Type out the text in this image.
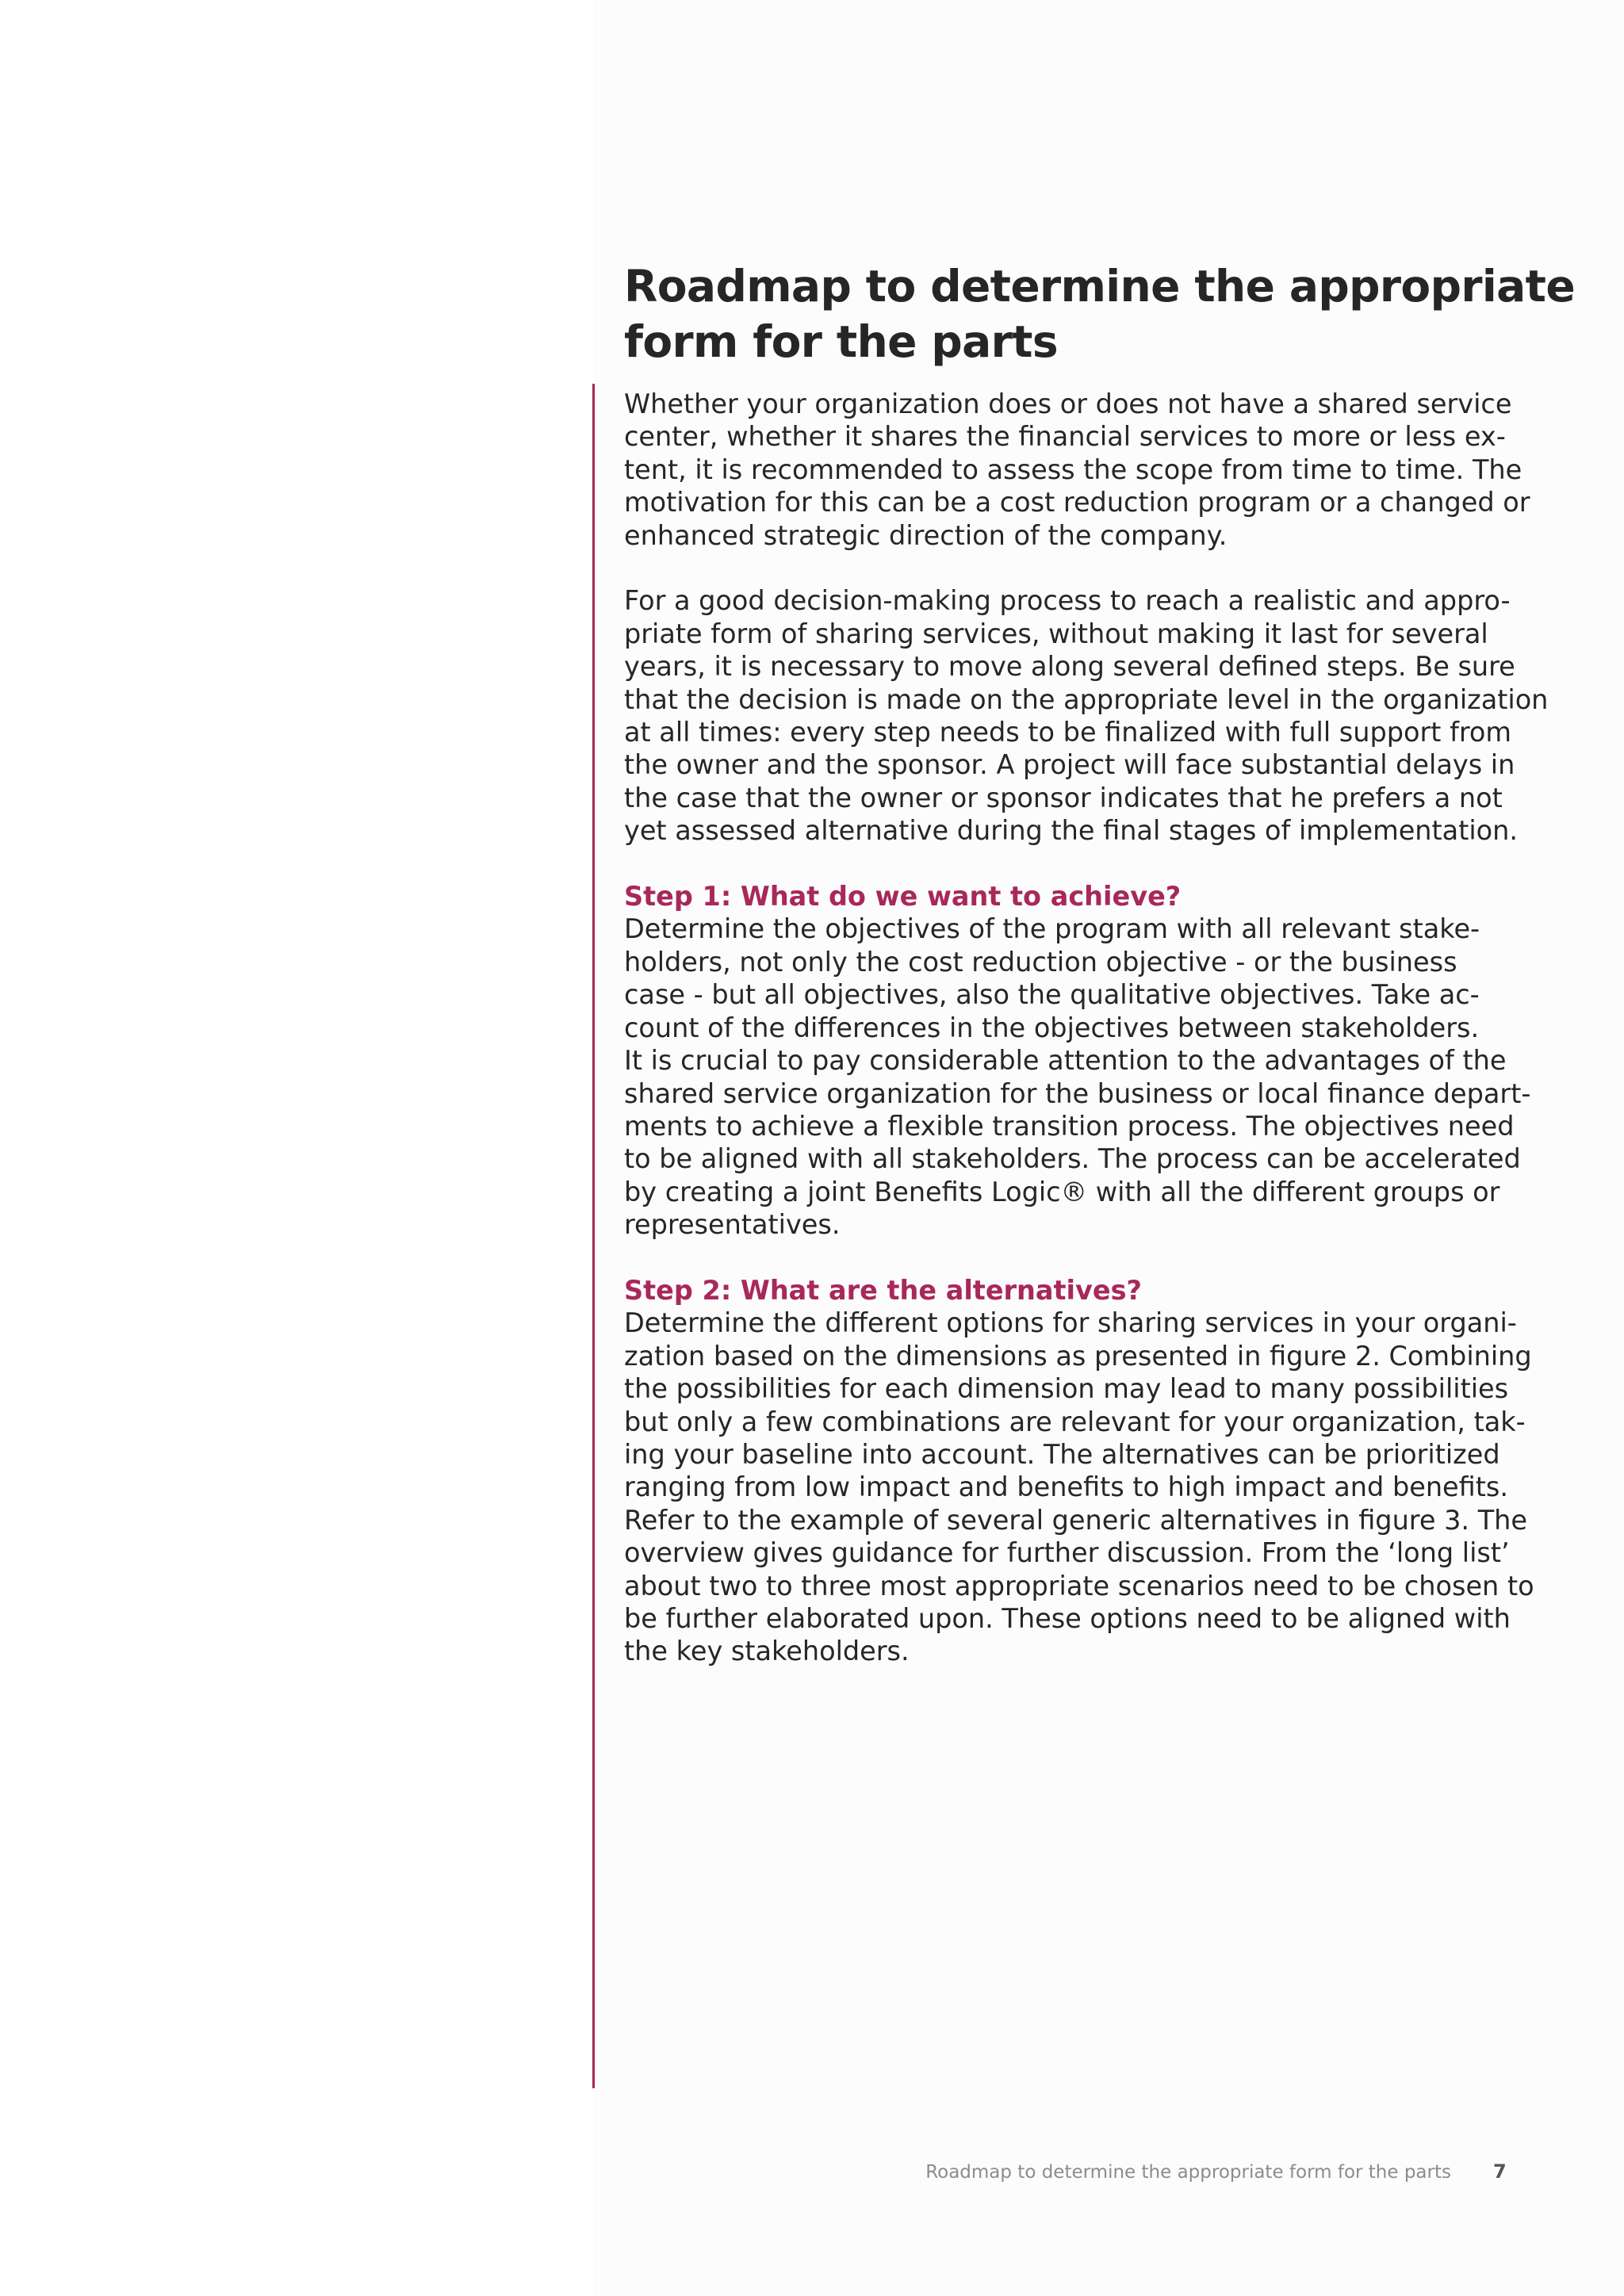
Roadmap to determine the appropriate
form for the parts

Whether your organization does or does not have a shared service
center, whether it shares the financial services to more or less ex-
tent, it is recommended to assess the scope from time to time. The
motivation for this can be a cost reduction program or a changed or
enhanced strategic direction of the company.

For a good decision-making process to reach a realistic and appro-
priate form of sharing services, without making it last for several
years, it is necessary to move along several defined steps. Be sure
that the decision is made on the appropriate level in the organization
at all times: every step needs to be finalized with full support from
the owner and the sponsor. A project will face substantial delays in
the case that the owner or sponsor indicates that he prefers a not
yet assessed alternative during the final stages of implementation.

Step 1: What do we want to achieve?
Determine the objectives of the program with all relevant stake-
holders, not only the cost reduction objective - or the business
case - but all objectives, also the qualitative objectives. Take ac-
count of the differences in the objectives between stakeholders.
It is crucial to pay considerable attention to the advantages of the
shared service organization for the business or local finance depart-
ments to achieve a flexible transition process. The objectives need
to be aligned with all stakeholders. The process can be accelerated
by creating a joint Benefits Logic® with all the different groups or
representatives.
Step 2: What are the alternatives?
Determine the different options for sharing services in your organi-
zation based on the dimensions as presented in figure 2. Combining
the possibilities for each dimension may lead to many possibilities
but only a few combinations are relevant for your organization, tak-
ing your baseline into account. The alternatives can be prioritized
ranging from low impact and benefits to high impact and benefits.
Refer to the example of several generic alternatives in figure 3. The
overview gives guidance for further discussion. From the ‘long list’
about two to three most appropriate scenarios need to be chosen to
be further elaborated upon. These options need to be aligned with
the key stakeholders.
Roadmap to determine the appropriate form for the parts 7
